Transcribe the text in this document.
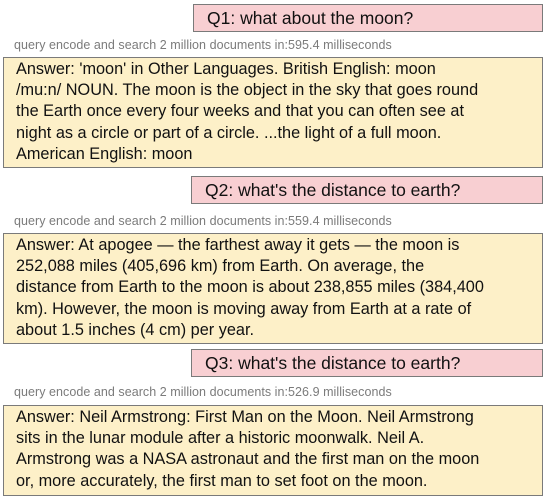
Q1: what about the moon?
query encode and search 2 million documents in:595.4 milliseconds
Answer: 'moon' in Other Languages. British English: moon
/mu:n/ NOUN. The moon is the object in the sky that goes round
the Earth once every four weeks and that you can often see at
night as a circle or part of a circle. ...the light of a full moon.
American English: moon
Q2: what's the distance to earth?
query encode and search 2 million documents in:559.4 milliseconds
Answer: At apogee — the farthest away it gets — the moon is
252,088 miles (405,696 km) from Earth. On average, the
distance from Earth to the moon is about 238,855 miles (384,400
km). However, the moon is moving away from Earth at a rate of
about 1.5 inches (4 cm) per year.
Q3: what's the distance to earth?
query encode and search 2 million documents in:526.9 milliseconds
Answer: Neil Armstrong: First Man on the Moon. Neil Armstrong
sits in the lunar module after a historic moonwalk. Neil A.
Armstrong was a NASA astronaut and the first man on the moon
or, more accurately, the first man to set foot on the moon.
